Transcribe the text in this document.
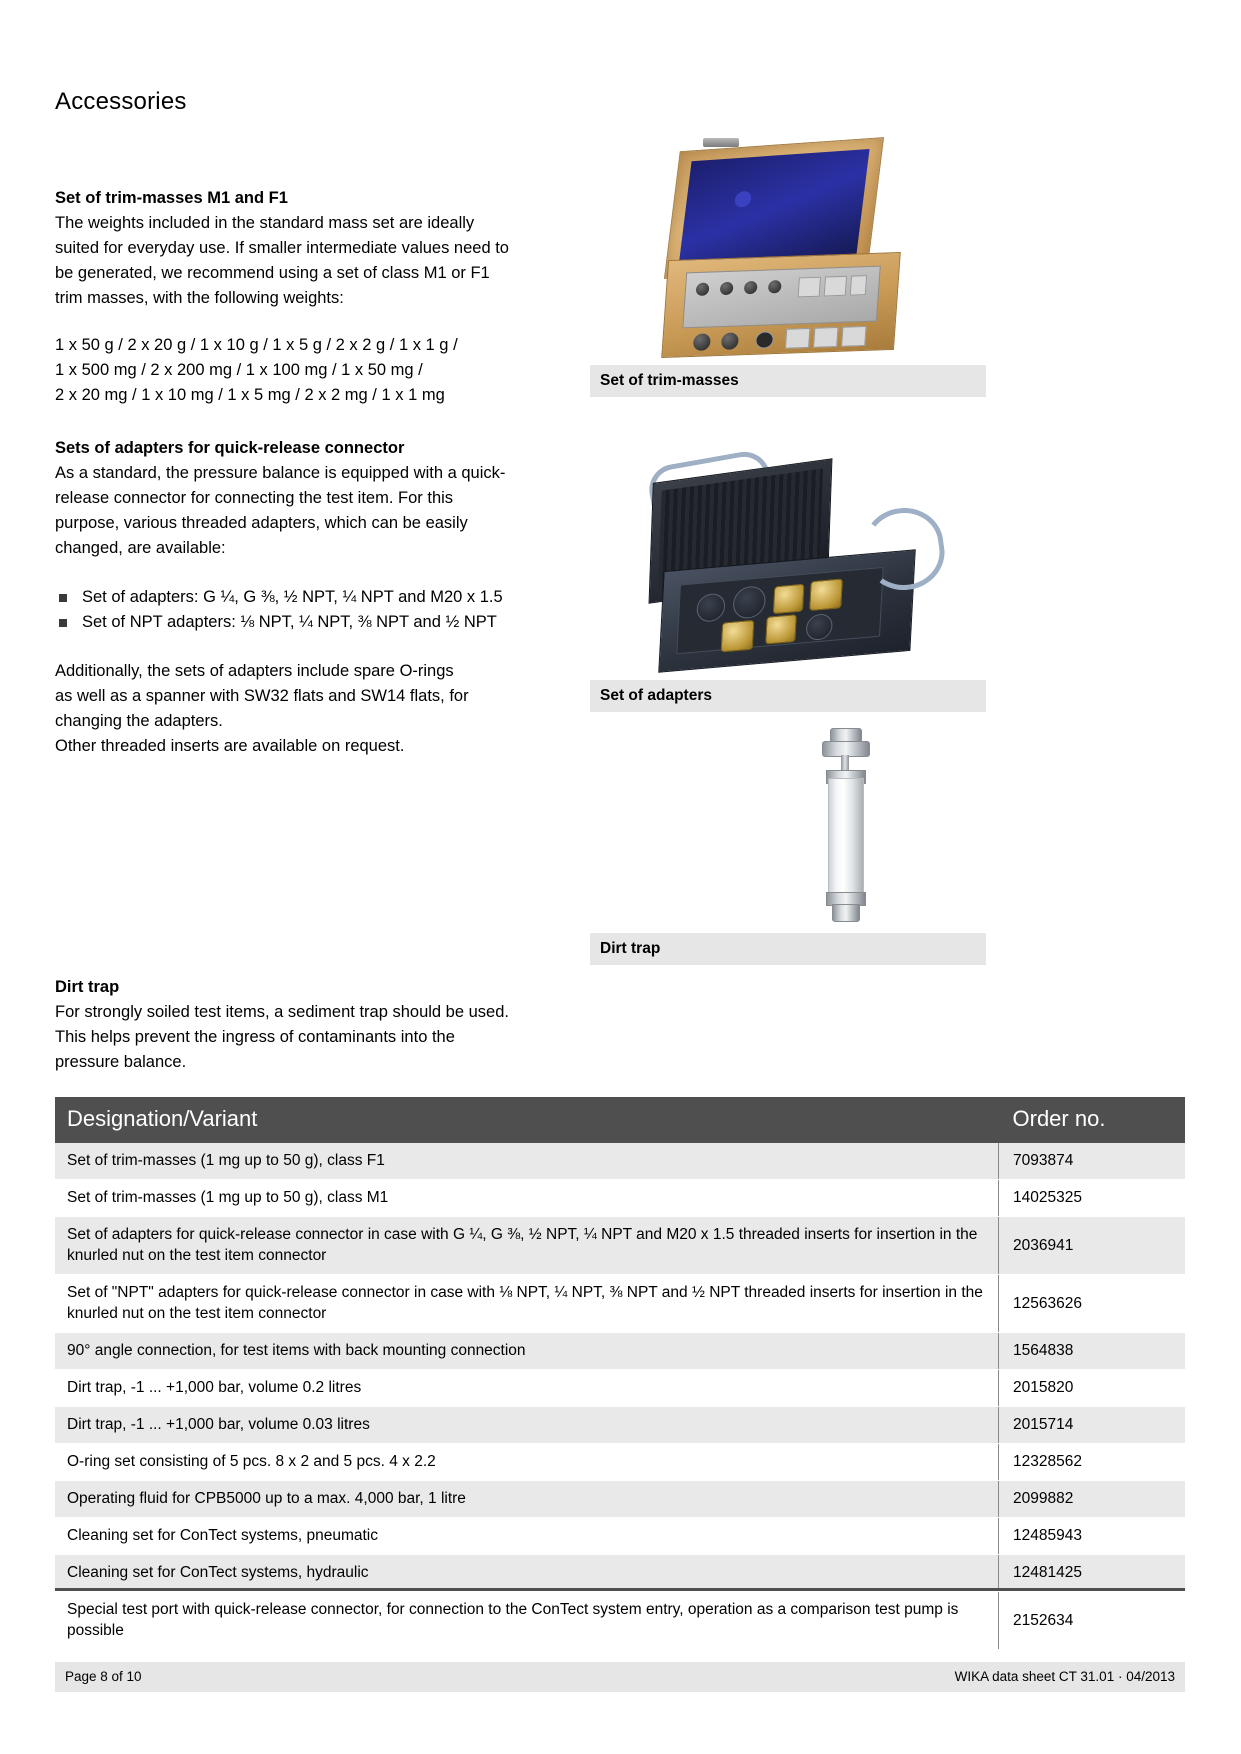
Accessories
Set of trim-masses M1 and F1

The weights included in the standard mass set are ideally suited for everyday use. If smaller intermediate values need to be generated, we recommend using a set of class M1 or F1 trim masses, with the following weights:

1 x 50 g / 2 x 20 g / 1 x 10 g / 1 x 5 g / 2 x 2 g / 1 x 1 g /
1 x 500 mg / 2 x 200 mg / 1 x 100 mg / 1 x 50 mg /
2 x 20 mg / 1 x 10 mg / 1 x 5 mg / 2 x 2 mg / 1 x 1 mg
Sets of adapters for quick-release connector

As a standard, the pressure balance is equipped with a quick-release connector for connecting the test item. For this purpose, various threaded adapters, which can be easily changed, are available:

Set of adapters: G ¼, G ⅜, ½ NPT, ¼ NPT and M20 x 1.5
Set of NPT adapters: ⅛ NPT, ¼ NPT, ⅜ NPT and ½ NPT
Additionally, the sets of adapters include spare O-rings
as well as a spanner with SW32 flats and SW14 flats, for
changing the adapters.
Other threaded inserts are available on request.
Dirt trap

For strongly soiled test items, a sediment trap should be used. This helps prevent the ingress of contaminants into the pressure balance.

Set of trim-masses
Set of adapters
Dirt trap
Designation/Variant	Order no.
Set of trim-masses (1 mg up to 50 g), class F1	7093874
Set of trim-masses (1 mg up to 50 g), class M1	14025325
Set of adapters for quick-release connector in case with G ¼, G ⅜, ½ NPT, ¼ NPT and M20 x 1.5 threaded inserts for insertion in the knurled nut on the test item connector	2036941
Set of "NPT" adapters for quick-release connector in case with ⅛ NPT, ¼ NPT, ⅜ NPT and ½ NPT threaded inserts for insertion in the knurled nut on the test item connector	12563626
90° angle connection, for test items with back mounting connection	1564838
Dirt trap, -1 ... +1,000 bar, volume 0.2 litres	2015820
Dirt trap, -1 ... +1,000 bar, volume 0.03 litres	2015714
O-ring set consisting of 5 pcs. 8 x 2 and 5 pcs. 4 x 2.2	12328562
Operating fluid for CPB5000 up to a max. 4,000 bar, 1 litre	2099882
Cleaning set for ConTect systems, pneumatic	12485943
Cleaning set for ConTect systems, hydraulic	12481425
Special test port with quick-release connector, for connection to the ConTect system entry, operation as a comparison test pump is possible	2152634
Page 8 of 10	WIKA data sheet CT 31.01 · 04/2013
